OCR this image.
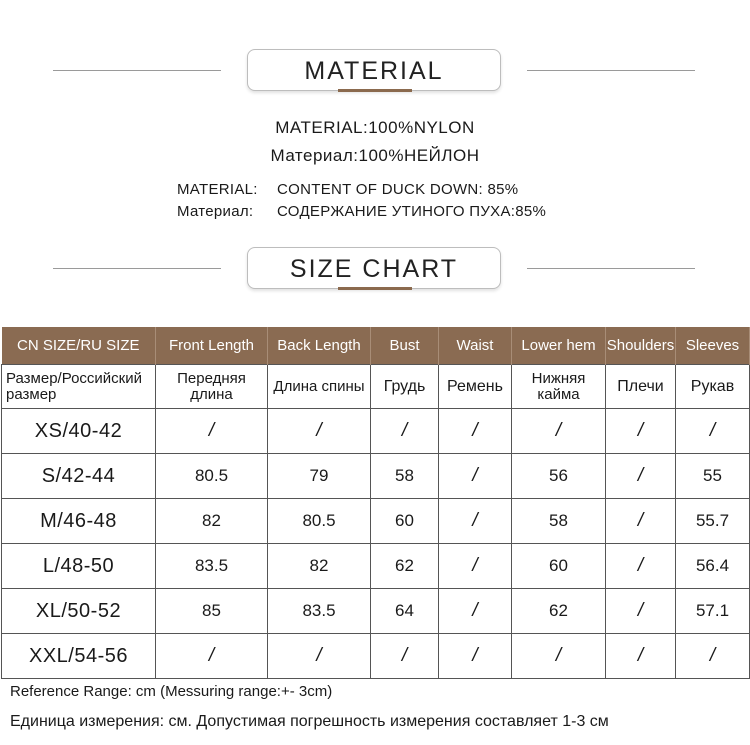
MATERIAL
MATERIAL:100%NYLON
Материал:100%НЕЙЛОН
MATERIAL: CONTENT OF DUCK DOWN: 85%
Материал: СОДЕРЖАНИЕ УТИНОГО ПУХА:85%
SIZE CHART
CN SIZE/RU SIZE	Front Length	Back Length	Bust	Waist	Lower hem	Shoulders	Sleeves
Размер/Российский размер	Передняя длина	Длина спины	Грудь	Ремень	Нижняя кайма	Плечи	Рукав
XS/40-42	/	/	/	/	/	/	/
S/42-44	80.5	79	58	/	56	/	55
M/46-48	82	80.5	60	/	58	/	55.7
L/48-50	83.5	82	62	/	60	/	56.4
XL/50-52	85	83.5	64	/	62	/	57.1
XXL/54-56	/	/	/	/	/	/	/
Reference Range: cm (Messuring range:+- 3cm)
Единица измерения: см. Допустимая погрешность измерения составляет 1-3 см
